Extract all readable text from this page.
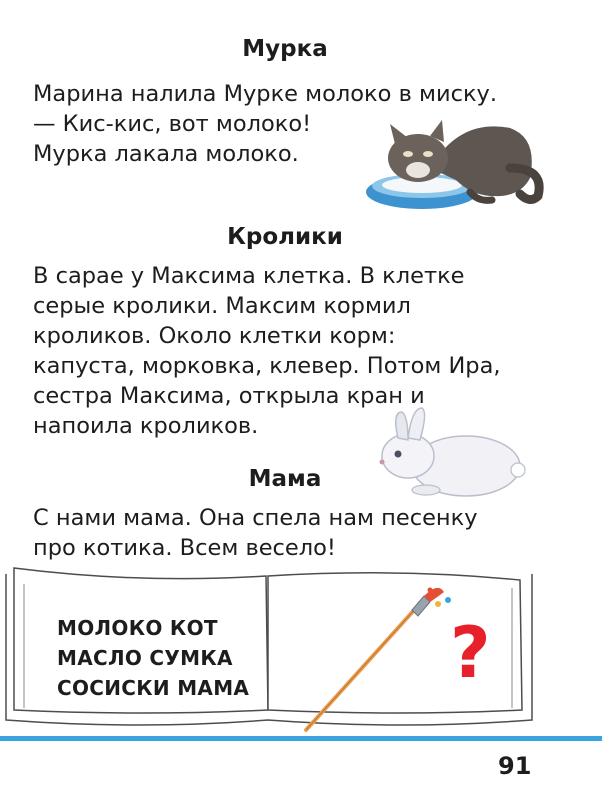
Мурка
Марина налила Мурке молоко в миску.
— Кис-кис, вот молоко!
Мурка лакала молоко.
Кролики
В сарае у Максима клетка. В клетке
серые кролики. Максим кормил
кроликов. Около клетки корм:
капуста, морковка, клевер. Потом Ира,
сестра Максима, открыла кран и
напоила кроликов.
Мама
С нами мама. Она спела нам песенку
про котика. Всем весело!
МОЛОКО КОТ
МАСЛО СУМКА
СОСИСКИ МАМА	?
91
